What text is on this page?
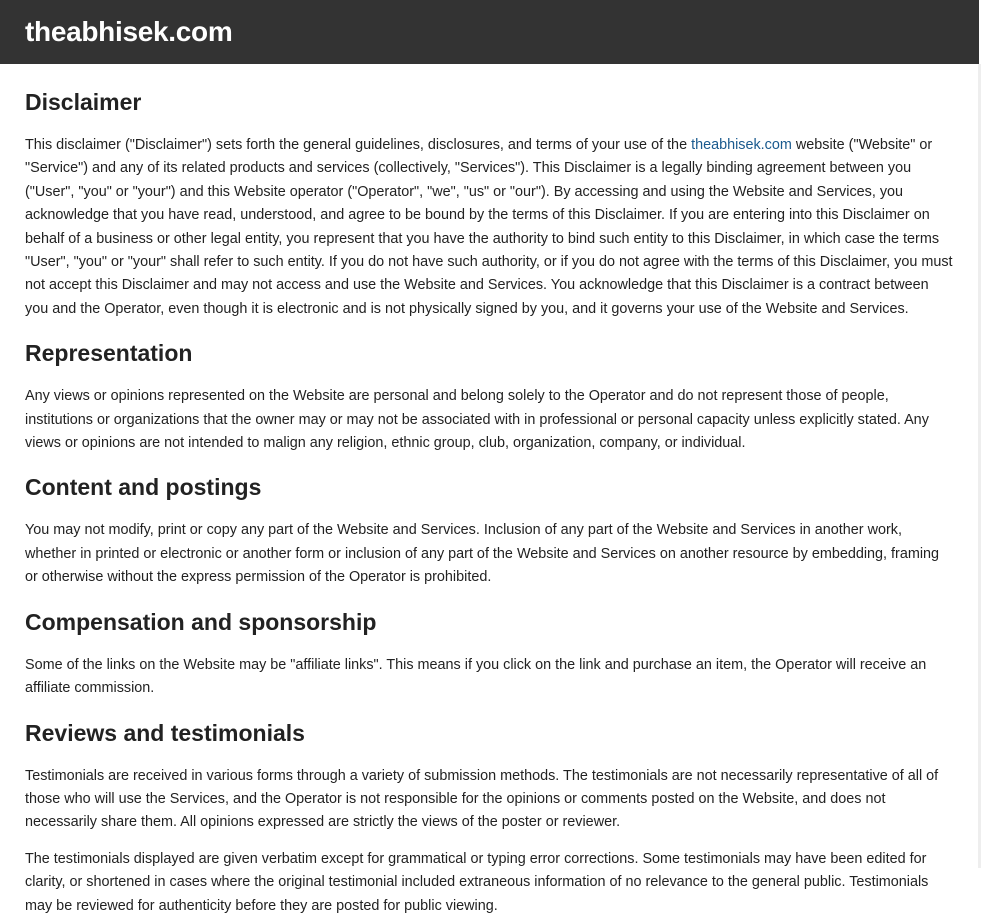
theabhisek.com
Disclaimer

This disclaimer ("Disclaimer") sets forth the general guidelines, disclosures, and terms of your use of the theabhisek.com website ("Website" or "Service") and any of its related products and services (collectively, "Services"). This Disclaimer is a legally binding agreement between you ("User", "you" or "your") and this Website operator ("Operator", "we", "us" or "our"). By accessing and using the Website and Services, you acknowledge that you have read, understood, and agree to be bound by the terms of this Disclaimer. If you are entering into this Disclaimer on behalf of a business or other legal entity, you represent that you have the authority to bind such entity to this Disclaimer, in which case the terms "User", "you" or "your" shall refer to such entity. If you do not have such authority, or if you do not agree with the terms of this Disclaimer, you must not accept this Disclaimer and may not access and use the Website and Services. You acknowledge that this Disclaimer is a contract between you and the Operator, even though it is electronic and is not physically signed by you, and it governs your use of the Website and Services.

Representation

Any views or opinions represented on the Website are personal and belong solely to the Operator and do not represent those of people, institutions or organizations that the owner may or may not be associated with in professional or personal capacity unless explicitly stated. Any views or opinions are not intended to malign any religion, ethnic group, club, organization, company, or individual.

Content and postings

You may not modify, print or copy any part of the Website and Services. Inclusion of any part of the Website and Services in another work, whether in printed or electronic or another form or inclusion of any part of the Website and Services on another resource by embedding, framing or otherwise without the express permission of the Operator is prohibited.

Compensation and sponsorship

Some of the links on the Website may be "affiliate links". This means if you click on the link and purchase an item, the Operator will receive an affiliate commission.

Reviews and testimonials

Testimonials are received in various forms through a variety of submission methods. The testimonials are not necessarily representative of all of those who will use the Services, and the Operator is not responsible for the opinions or comments posted on the Website, and does not necessarily share them. All opinions expressed are strictly the views of the poster or reviewer.

The testimonials displayed are given verbatim except for grammatical or typing error corrections. Some testimonials may have been edited for clarity, or shortened in cases where the original testimonial included extraneous information of no relevance to the general public. Testimonials may be reviewed for authenticity before they are posted for public viewing.
